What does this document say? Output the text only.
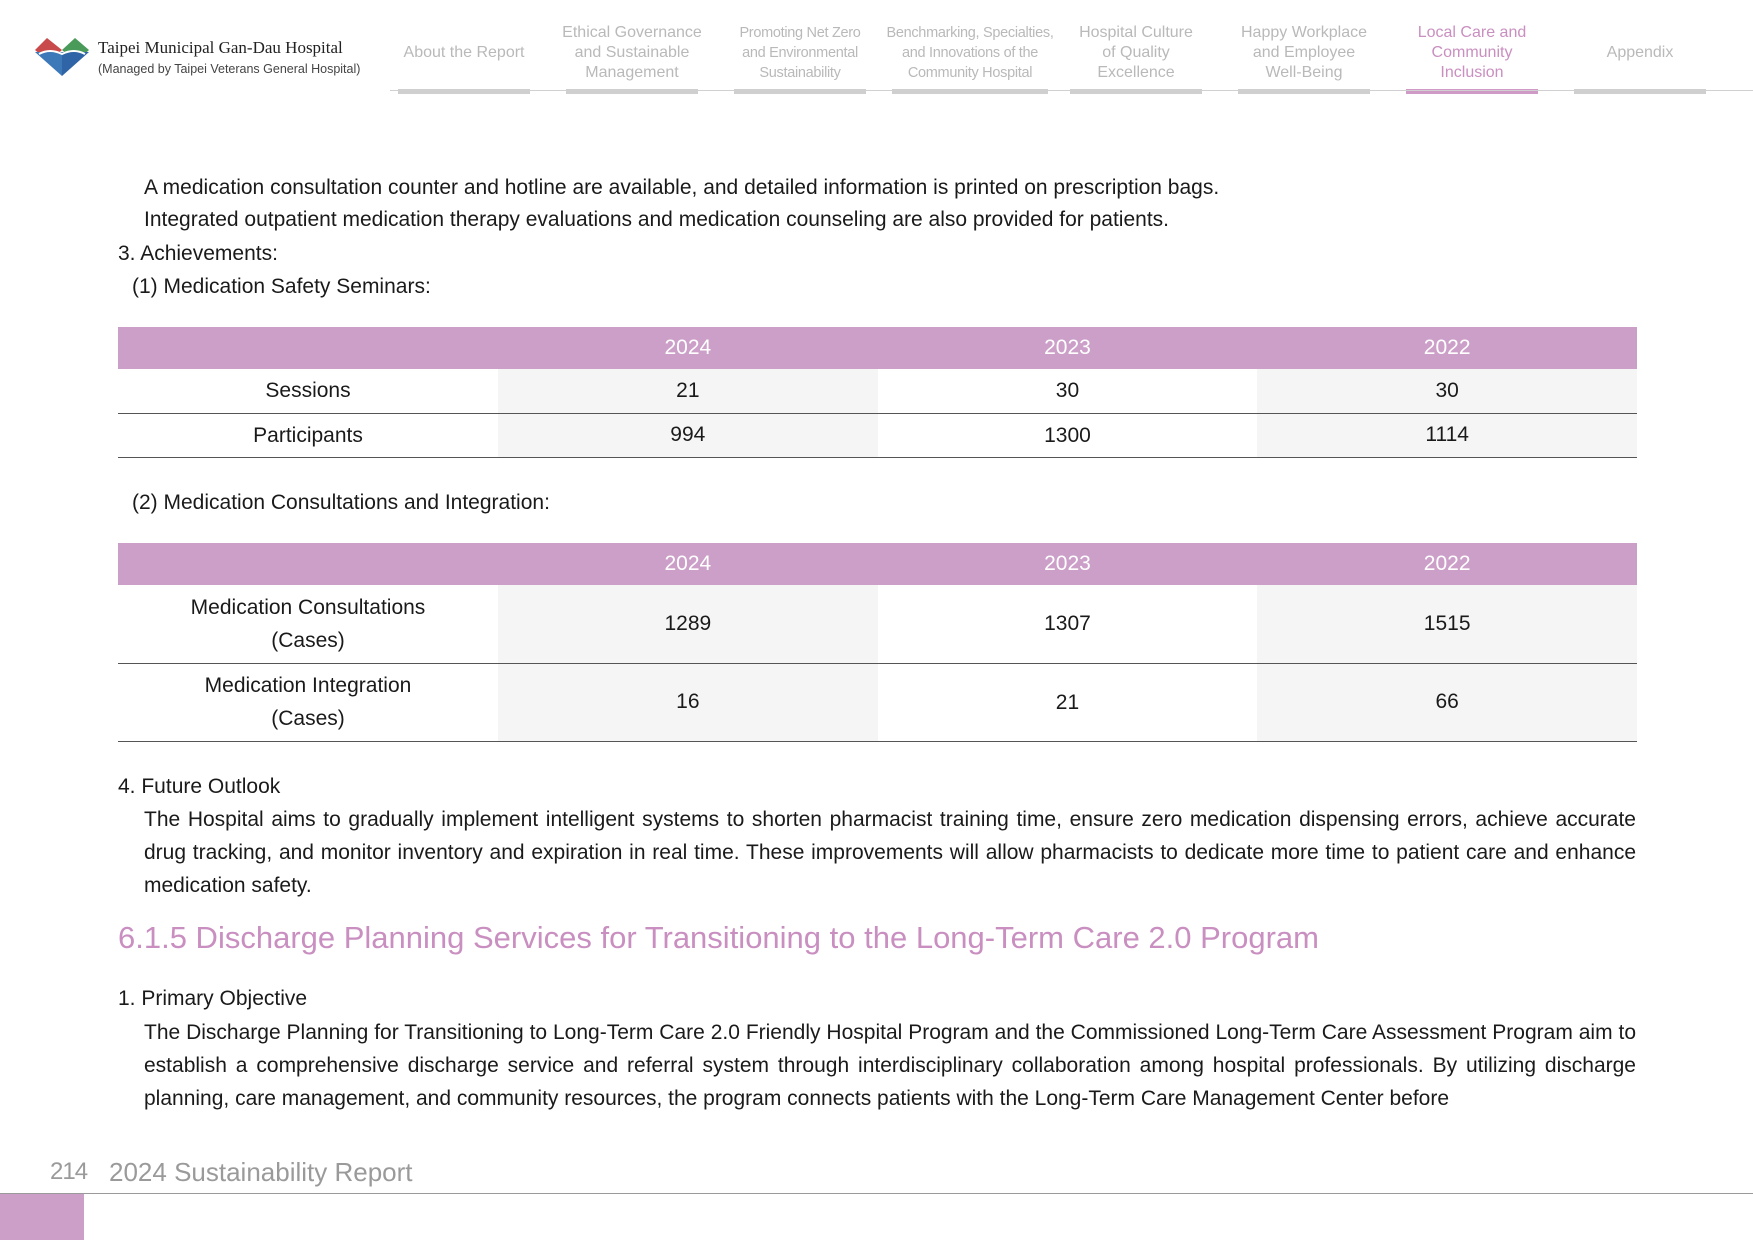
Taipei Municipal Gan-Dau Hospital
(Managed by Taipei Veterans General Hospital)
About the Report
Ethical Governance
and Sustainable
Management
Promoting Net Zero
and Environmental
Sustainability
Benchmarking, Specialties,
and Innovations of the
Community Hospital
Hospital Culture
of Quality
Excellence
Happy Workplace
and Employee
Well-Being
Local Care and
Community
Inclusion
Appendix
A medication consultation counter and hotline are available, and detailed information is printed on prescription bags.
Integrated outpatient medication therapy evaluations and medication counseling are also provided for patients.
3. Achievements:
(1) Medication Safety Seminars:
	2024	2023	2022
Sessions	21	30	30
Participants	994	1300	1114
(2) Medication Consultations and Integration:
	2024	2023	2022

Medication Consultations
(Cases)	1289	1307	1515

Medication Integration
(Cases)	16	21	66
4. Future Outlook
The Hospital aims to gradually implement intelligent systems to shorten pharmacist training time, ensure zero medication dispensing errors, achieve accurate drug tracking, and monitor inventory and expiration in real time. These improvements will allow pharmacists to dedicate more time to patient care and enhance medication safety.
6.1.5 Discharge Planning Services for Transitioning to the Long-Term Care 2.0 Program
1. Primary Objective
The Discharge Planning for Transitioning to Long-Term Care 2.0 Friendly Hospital Program and the Commissioned Long-Term Care Assessment Program aim to establish a comprehensive discharge service and referral system through interdisciplinary collaboration among hospital professionals. By utilizing discharge planning, care management, and community resources, the program connects patients with the Long-Term Care Management Center before
214 2024 Sustainability Report
